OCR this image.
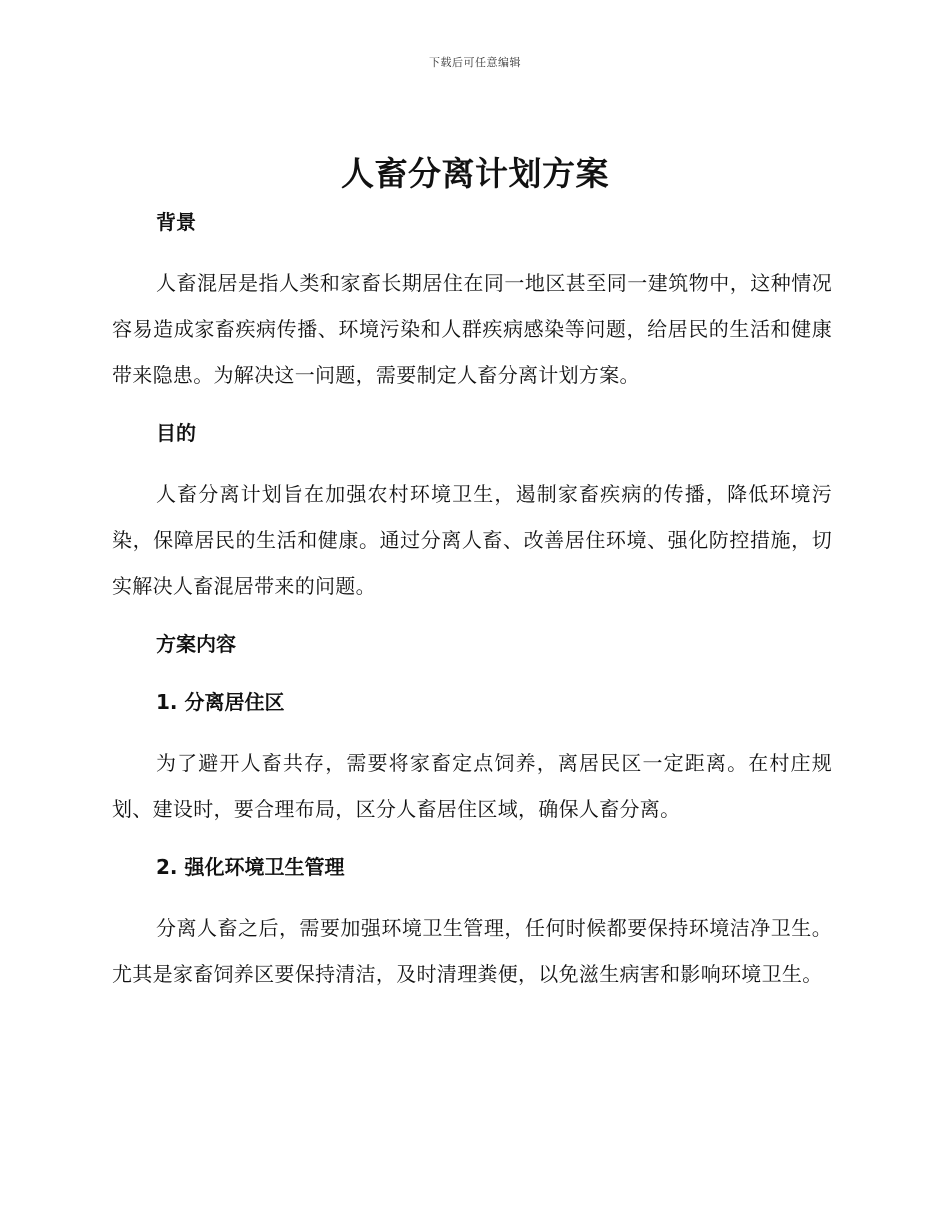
下载后可任意编辑
人畜分离计划方案
背景

人畜混居是指人类和家畜长期居住在同一地区甚至同一建筑物中，这种情况容易造成家畜疾病传播、环境污染和人群疾病感染等问题，给居民的生活和健康带来隐患。为解决这一问题，需要制定人畜分离计划方案。

目的

人畜分离计划旨在加强农村环境卫生，遏制家畜疾病的传播，降低环境污染，保障居民的生活和健康。通过分离人畜、改善居住环境、强化防控措施，切实解决人畜混居带来的问题。

方案内容
1. 分离居住区

为了避开人畜共存，需要将家畜定点饲养，离居民区一定距离。在村庄规划、建设时，要合理布局，区分人畜居住区域，确保人畜分离。

2. 强化环境卫生管理

分离人畜之后，需要加强环境卫生管理，任何时候都要保持环境洁净卫生。尤其是家畜饲养区要保持清洁，及时清理粪便，以免滋生病害和影响环境卫生。
